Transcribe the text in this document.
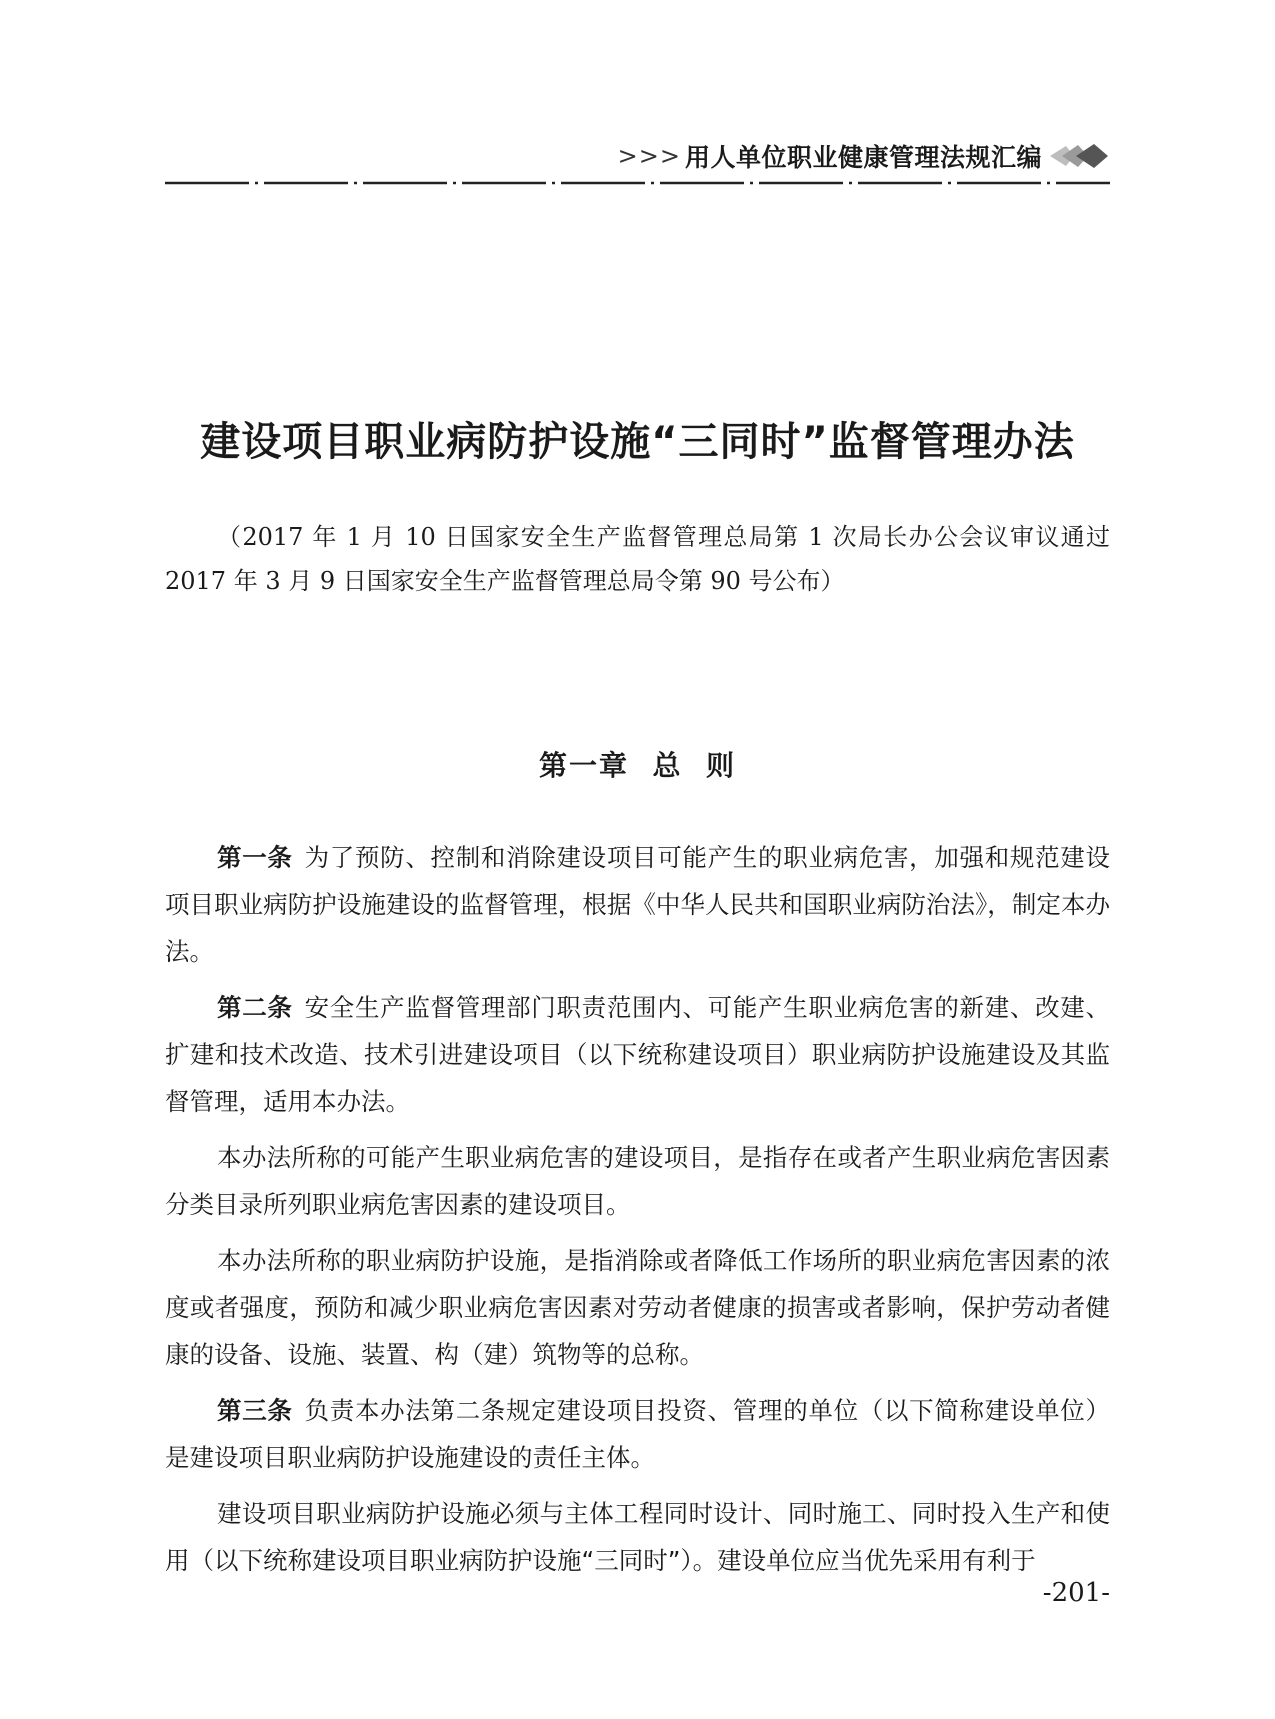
>>> 用人单位职业健康管理法规汇编
建设项目职业病防护设施“三同时”监督管理办法
（2017 年 1 月 10 日国家安全生产监督管理总局第 1 次局长办公会议审议通过 2017 年 3 月 9 日国家安全生产监督管理总局令第 90 号公布）
第一章  总  则

第一条 为了预防、控制和消除建设项目可能产生的职业病危害，加强和规范建设项目职业病防护设施建设的监督管理，根据《中华人民共和国职业病防治法》，制定本办法。

第二条 安全生产监督管理部门职责范围内、可能产生职业病危害的新建、改建、扩建和技术改造、技术引进建设项目（以下统称建设项目）职业病防护设施建设及其监督管理，适用本办法。

本办法所称的可能产生职业病危害的建设项目，是指存在或者产生职业病危害因素分类目录所列职业病危害因素的建设项目。

本办法所称的职业病防护设施，是指消除或者降低工作场所的职业病危害因素的浓度或者强度，预防和减少职业病危害因素对劳动者健康的损害或者影响，保护劳动者健康的设备、设施、装置、构（建）筑物等的总称。

第三条 负责本办法第二条规定建设项目投资、管理的单位（以下简称建设单位）是建设项目职业病防护设施建设的责任主体。

建设项目职业病防护设施必须与主体工程同时设计、同时施工、同时投入生产和使用（以下统称建设项目职业病防护设施“三同时”）。建设单位应当优先采用有利于

-201-
